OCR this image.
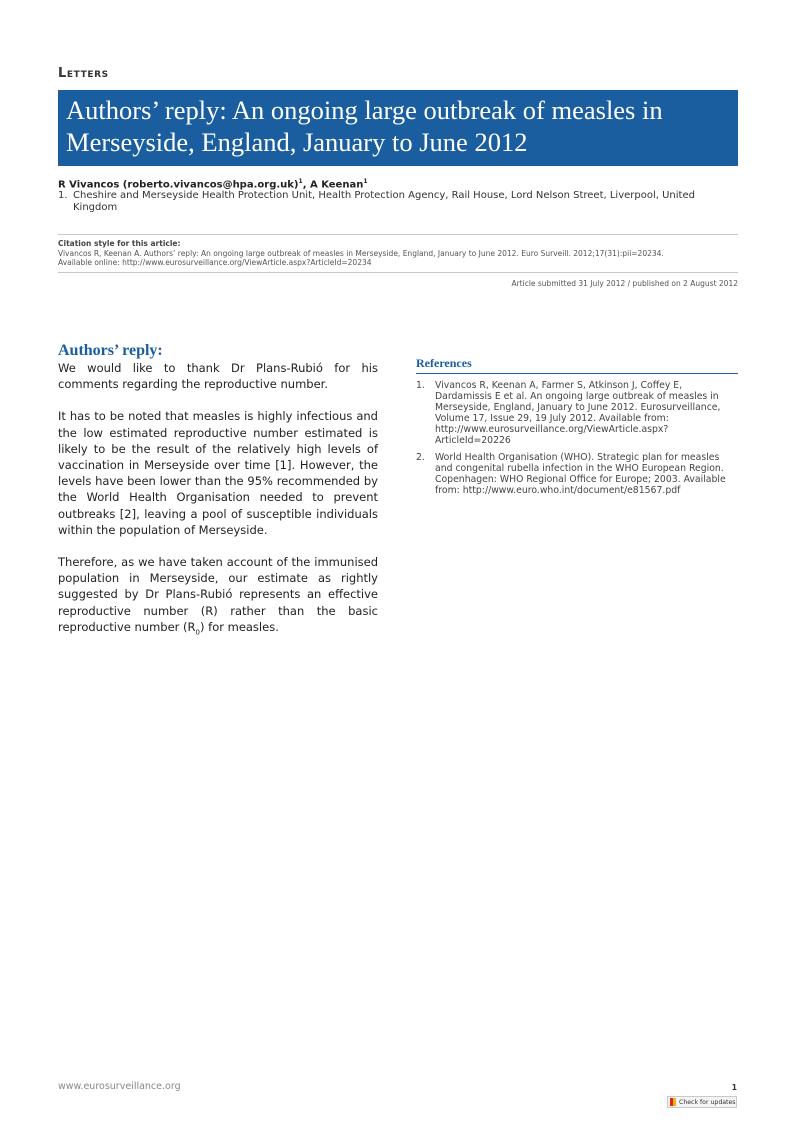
Letters
Authors’ reply: An ongoing large outbreak of measles in Merseyside, England, January to June 2012
R Vivancos (roberto.vivancos@hpa.org.uk)$^1$, A Keenan$^1$
1. Cheshire and Merseyside Health Protection Unit, Health Protection Agency, Rail House, Lord Nelson Street, Liverpool, United Kingdom
Citation style for this article:
Vivancos R, Keenan A. Authors’ reply: An ongoing large outbreak of measles in Merseyside, England, January to June 2012. Euro Surveill. 2012;17(31):pii=20234.
Available online: http://www.eurosurveillance.org/ViewArticle.aspx?ArticleId=20234
Article submitted 31 July 2012 / published on 2 August 2012
Authors’ reply:

We would like to thank Dr Plans-Rubió for his comments regarding the reproductive number.

It has to be noted that measles is highly infectious and the low estimated reproductive number estimated is likely to be the result of the relatively high levels of vaccination in Merseyside over time [1]. However, the levels have been lower than the 95% recommended by the World Health Organisation needed to prevent outbreaks [2], leaving a pool of susceptible individuals within the population of Merseyside.

Therefore, as we have taken account of the immunised population in Merseyside, our estimate as rightly suggested by Dr Plans-Rubió represents an effective reproductive number (R) rather than the basic reproductive number $(R_0)$ for measles.

References
1. Vivancos R, Keenan A, Farmer S, Atkinson J, Coffey E, Dardamissis E et al. An ongoing large outbreak of measles in Merseyside, England, January to June 2012. Eurosurveillance, Volume 17, Issue 29, 19 July 2012. Available from: http://www.eurosurveillance.org/ViewArticle.aspx?ArticleId=20226
2. World Health Organisation (WHO). Strategic plan for measles and congenital rubella infection in the WHO European Region. Copenhagen: WHO Regional Office for Europe; 2003. Available from: http://www.euro.who.int/document/e81567.pdf
www.eurosurveillance.org	1
Check for updates
